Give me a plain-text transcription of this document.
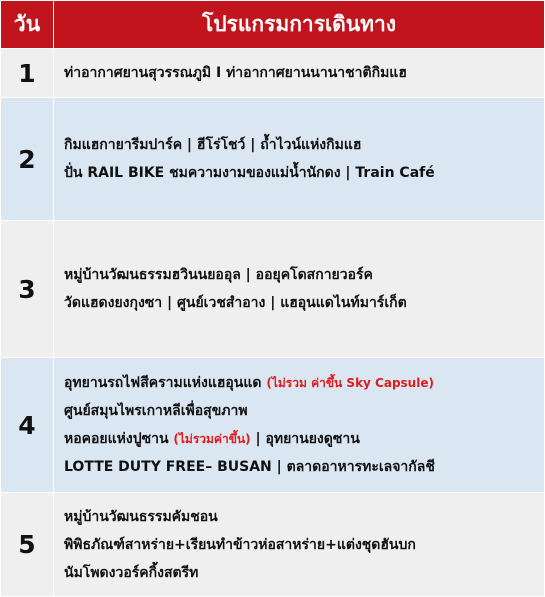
วัน	โปรแกรมการเดินทาง
1	ท่าอากาศยานสุวรรณภูมิ I ท่าอากาศยานนานาชาติกิมแฮ

2	กิมแฮกายารีมปาร์ค | ฮีโร่โชว์ | ถ้ำไวน์แห่งกิมแฮ
ปั่น RAIL BIKE ชมความงามของแม่น้ำนักดง | Train Café

3	หมู่บ้านวัฒนธรรมฮวินนยออุล | ออยุคโดสกายวอร์ค
วัดแฮดงยงกุงซา | ศูนย์เวชสำอาง | แฮอุนแดไนท์มาร์เก็ต

4	อุทยานรถไฟสีครามแห่งแฮอุนแด (ไม่รวม ค่าขึ้น Sky Capsule)
ศูนย์สมุนไพรเกาหลีเพื่อสุขภาพ
หอคอยแห่งปูซาน (ไม่รวมค่าขึ้น) | อุทยานยงดูซาน
LOTTE DUTY FREE– BUSAN | ตลาดอาหารทะเลจากัลชี

5	หมู่บ้านวัฒนธรรมคัมชอน
พิพิธภัณฑ์สาหร่าย+เรียนทำข้าวห่อสาหร่าย+แต่งชุดฮันบก
นัมโพดงวอร์คกิ้งสตรีท
